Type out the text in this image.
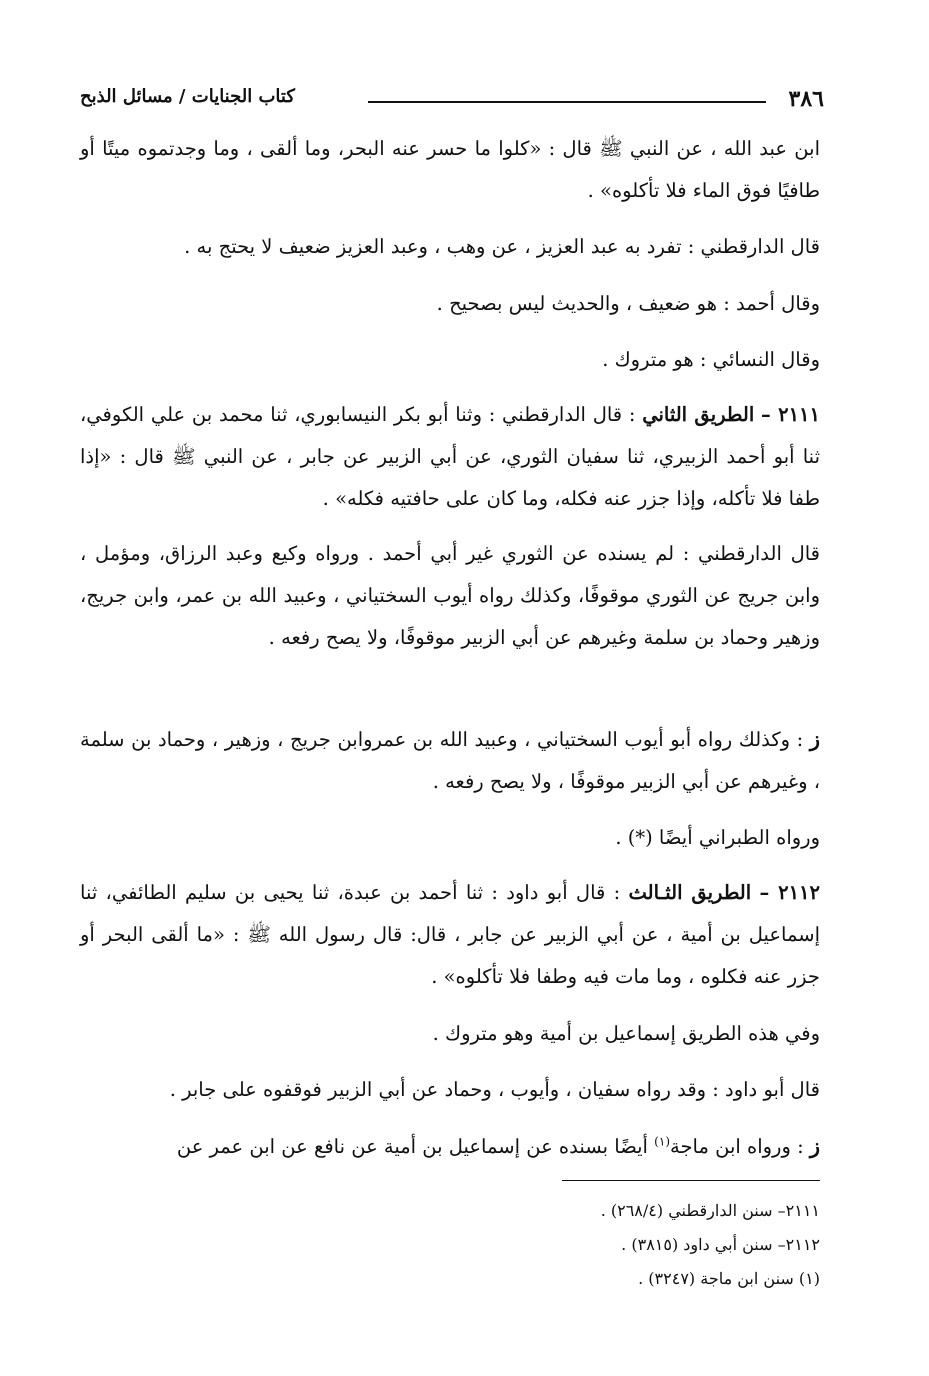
٣٨٦
كتاب الجنايات / مسائل الذبح

ابن عبد الله ، عن النبي ﷺ قال : «كلوا ما حسر عنه البحر، وما ألقى ، وما وجدتموه ميتًا أو طافيًا فوق الماء فلا تأكلوه» .

قال الدارقطني : تفرد به عبد العزيز ، عن وهب ، وعبد العزيز ضعيف لا يحتج به .

وقال أحمد : هو ضعيف ، والحديث ليس بصحيح .

وقال النسائي : هو متروك .

٢١١١ – الطريق الثاني : قال الدارقطني : وثنا أبو بكر النيسابوري، ثنا محمد بن علي الكوفي، ثنا أبو أحمد الزبيري، ثنا سفيان الثوري، عن أبي الزبير عن جابر ، عن النبي ﷺ قال : «إذا طفا فلا تأكله، وإذا جزر عنه فكله، وما كان على حافتيه فكله» .

قال الدارقطني : لم يسنده عن الثوري غير أبي أحمد . ورواه وكيع وعبد الرزاق، ومؤمل ، وابن جريج عن الثوري موقوفًا، وكذلك رواه أيوب السختياني ، وعبيد الله بن عمر، وابن جريج، وزهير وحماد بن سلمة وغيرهم عن أبي الزبير موقوفًا، ولا يصح رفعه .

ز : وكذلك رواه أبو أيوب السختياني ، وعبيد الله بن عمروابن جريج ، وزهير ، وحماد بن سلمة ، وغيرهم عن أبي الزبير موقوفًا ، ولا يصح رفعه .

ورواه الطبراني أيضًا (*) .

٢١١٢ – الطريق الثـالث : قال أبو داود : ثنا أحمد بن عبدة، ثنا يحيى بن سليم الطائفي، ثنا إسماعيل بن أمية ، عن أبي الزبير عن جابر ، قال: قال رسول الله ﷺ : «ما ألقى البحر أو جزر عنه فكلوه ، وما مات فيه وطفا فلا تأكلوه» .

وفي هذه الطريق إسماعيل بن أمية وهو متروك .

قال أبو داود : وقد رواه سفيان ، وأيوب ، وحماد عن أبي الزبير فوقفوه على جابر .

ز : ورواه ابن ماجة$^{(١)}$ أيضًا بسنده عن إسماعيل بن أمية عن نافع عن ابن عمر عن

٢١١١– سنن الدارقطني (٢٦٨/٤) .

٢١١٢– سنن أبي داود (٣٨١٥) .

(١) سنن ابن ماجة (٣٢٤٧) .
